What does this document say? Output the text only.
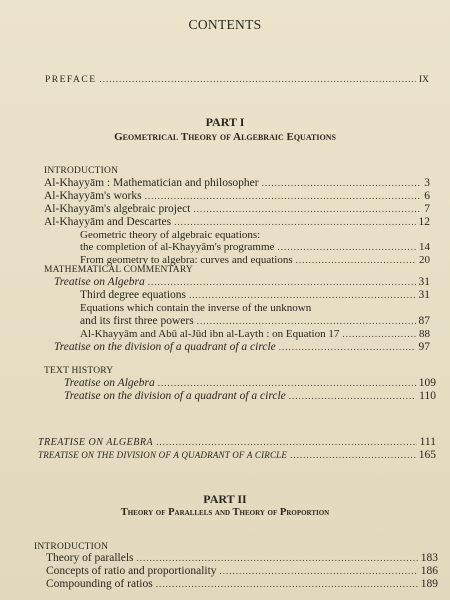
CONTENTS
PREFACE .....	IX
PART I
Geometrical Theory of Algebraic Equations
INTRODUCTION
Al-Khayyām : Mathematician and philosopher .....	3
Al-Khayyām's works .....	6
Al-Khayyām's algebraic project .....	7
Al-Khayyām and Descartes .....	12
Geometric theory of algebraic equations:
the completion of al-Khayyām's programme .....	14
From geometry to algebra: curves and equations .....	20
MATHEMATICAL COMMENTARY
Treatise on Algebra .....	31
Third degree equations .....	31
Equations which contain the inverse of the unknown
and its first three powers .....	87
Al-Khayyām and Abū al-Jūd ibn al-Layth : on Equation 17 .....	88
Treatise on the division of a quadrant of a circle .....	97
TEXT HISTORY
Treatise on Algebra .....	109
Treatise on the division of a quadrant of a circle .....	110
TREATISE ON ALGEBRA .....	111
TREATISE ON THE DIVISION OF A QUADRANT OF A CIRCLE .....	165
PART II
Theory of Parallels and Theory of Proportion
INTRODUCTION
Theory of parallels .....	183
Concepts of ratio and proportionality .....	186
Compounding of ratios .....	189
